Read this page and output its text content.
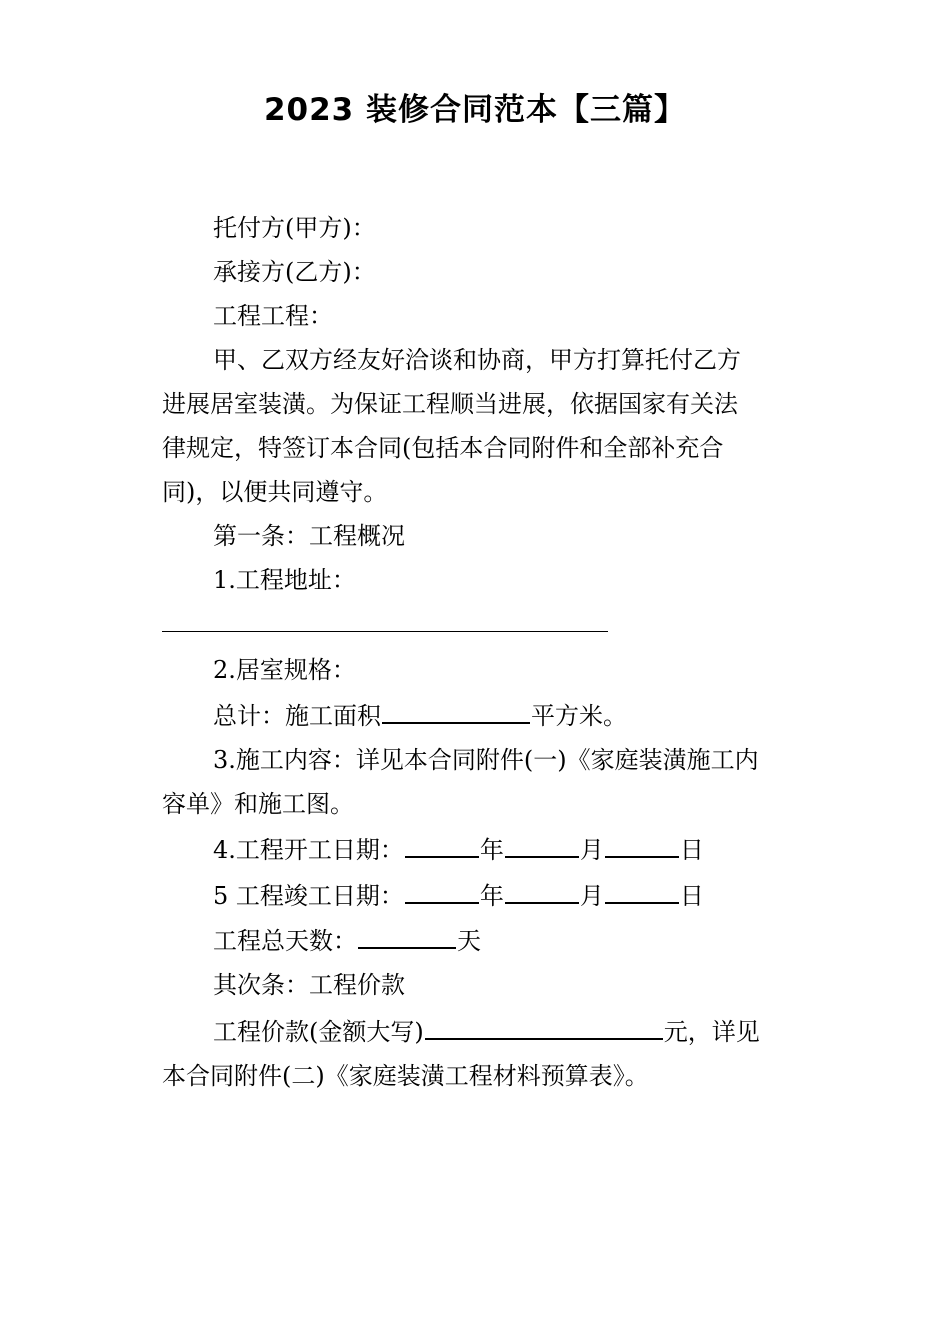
2023 装修合同范本【三篇】
托付方(甲方)：
承接方(乙方)：
工程工程：
甲、乙双方经友好洽谈和协商，甲方打算托付乙方
进展居室装潢。为保证工程顺当进展，依据国家有关法
律规定，特签订本合同(包括本合同附件和全部补充合
同)，以便共同遵守。
第一条：工程概况
1.工程地址：
2.居室规格：
总计：施工面积	平方米。
3.施工内容：详见本合同附件(一)《家庭装潢施工内
容单》和施工图。
4.工程开工日期：	年	月	日
5 工程竣工日期：	年	月	日
工程总天数：	天
其次条：工程价款
工程价款(金额大写)	元，详见
本合同附件(二)《家庭装潢工程材料预算表》。
